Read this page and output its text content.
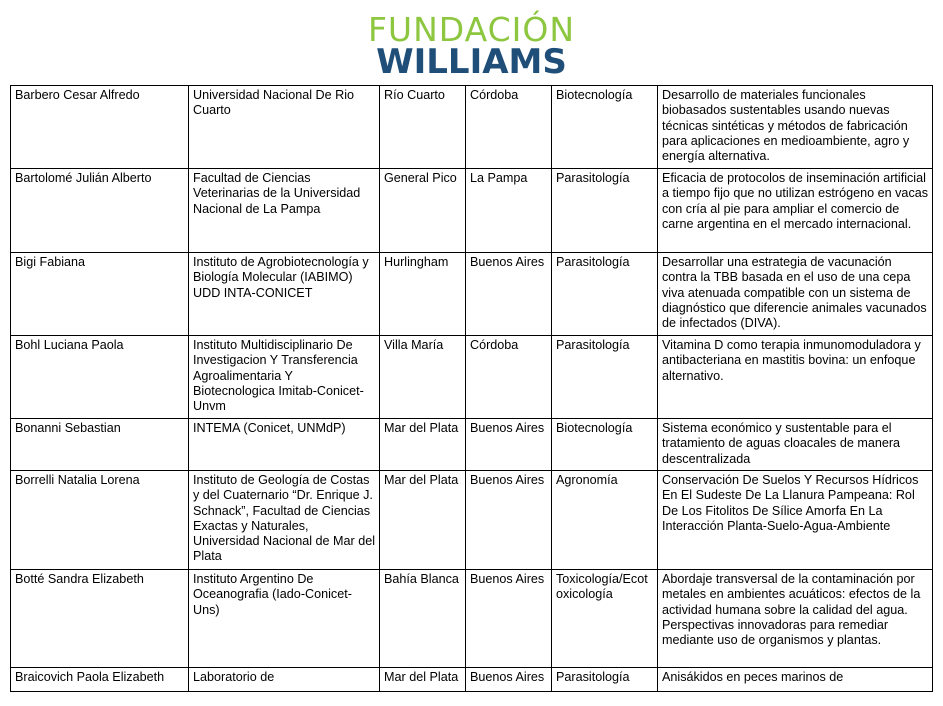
FUNDACIÓN
WILLIAMS
Barbero Cesar Alfredo	Universidad Nacional De Rio Cuarto	Río Cuarto	Córdoba	Biotecnología	Desarrollo de materiales funcionales biobasados sustentables usando nuevas técnicas sintéticas y métodos de fabricación para aplicaciones en medioambiente, agro y energía alternativa.
Bartolomé Julián Alberto	Facultad de Ciencias Veterinarias de la Universidad Nacional de La Pampa	General Pico	La Pampa	Parasitología	Eficacia de protocolos de inseminación artificial a tiempo fijo que no utilizan estrógeno en vacas con cría al pie para ampliar el comercio de carne argentina en el mercado internacional.
Bigi Fabiana	Instituto de Agrobiotecnología y Biología Molecular (IABIMO) UDD INTA-CONICET	Hurlingham	Buenos Aires	Parasitología	Desarrollar una estrategia de vacunación contra la TBB basada en el uso de una cepa viva atenuada compatible con un sistema de diagnóstico que diferencie animales vacunados de infectados (DIVA).
Bohl Luciana Paola	Instituto Multidisciplinario De Investigacion Y Transferencia Agroalimentaria Y Biotecnologica Imitab-Conicet-Unvm	Villa María	Córdoba	Parasitología	Vitamina D como terapia inmunomoduladora y antibacteriana en mastitis bovina: un enfoque alternativo.
Bonanni Sebastian	INTEMA (Conicet, UNMdP)	Mar del Plata	Buenos Aires	Biotecnología	Sistema económico y sustentable para el tratamiento de aguas cloacales de manera descentralizada
Borrelli Natalia Lorena	Instituto de Geología de Costas y del Cuaternario “Dr. Enrique J. Schnack”, Facultad de Ciencias Exactas y Naturales, Universidad Nacional de Mar del Plata	Mar del Plata	Buenos Aires	Agronomía	Conservación De Suelos Y Recursos Hídricos En El Sudeste De La Llanura Pampeana: Rol De Los Fitolitos De Sílice Amorfa En La Interacción Planta-Suelo-Agua-Ambiente
Botté Sandra Elizabeth	Instituto Argentino De Oceanografia (Iado-Conicet-Uns)	Bahía Blanca	Buenos Aires	Toxicología/Ecotoxicología	Abordaje transversal de la contaminación por metales en ambientes acuáticos: efectos de la actividad humana sobre la calidad del agua. Perspectivas innovadoras para remediar mediante uso de organismos y plantas.
Braicovich Paola Elizabeth	Laboratorio de	Mar del Plata	Buenos Aires	Parasitología	Anisákidos en peces marinos de
